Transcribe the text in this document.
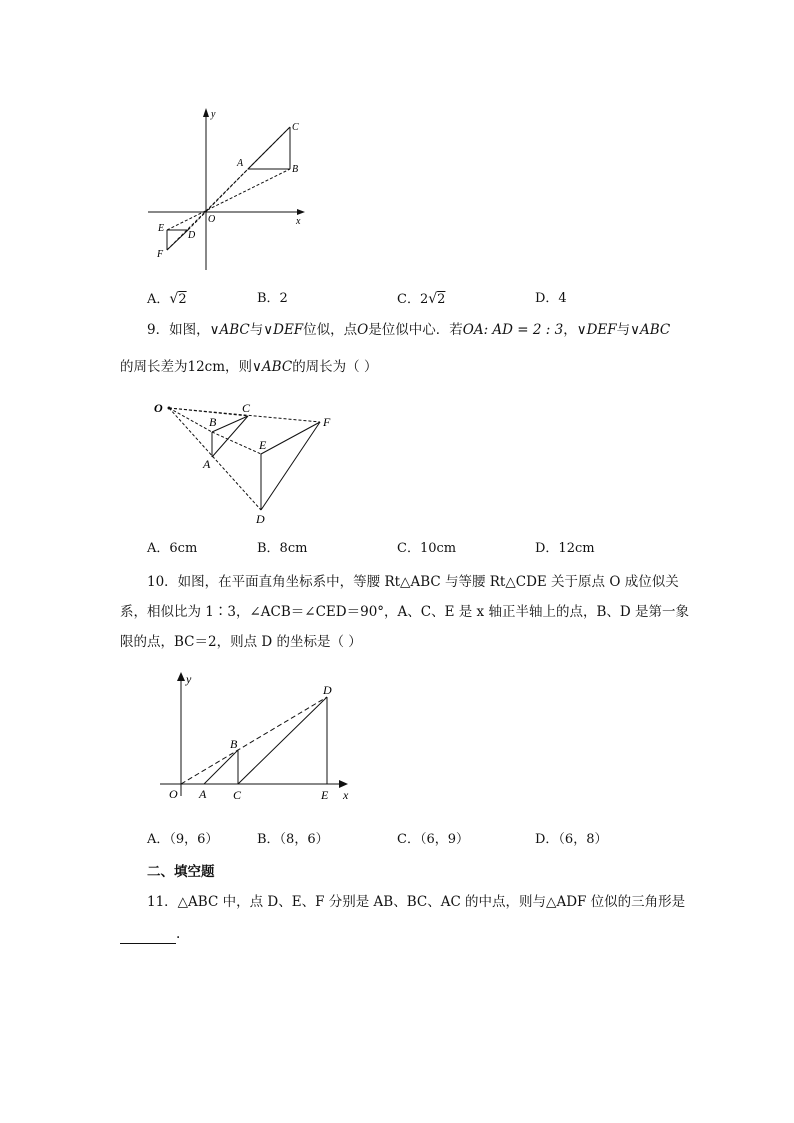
y
x
O
A
B
C
D
E
F
A．√2	B．2	C．2√2	D．4
9．如图，∨ABC与∨DEF位似，点O是位似中心．若OA: AD = 2 : 3，∨DEF与∨ABC
的周长差为12cm，则∨ABC的周长为（ ）
O
B
C
A
E
F
D
A．6cm	B．8cm	C．10cm	D．12cm
10．如图，在平面直角坐标系中，等腰 Rt△ABC 与等腰 Rt△CDE 关于原点 O 成位似关
系，相似比为 1∶3，∠ACB＝∠CED＝90°，A、C、E 是 x 轴正半轴上的点，B、D 是第一象
限的点，BC＝2，则点 D 的坐标是（ ）
y
x
O A C	E
B
D
A．（9，6）	B．（8，6）	C．（6，9）	D．（6，8）
二、填空题
11．△ABC 中，点 D、E、F 分别是 AB、BC、AC 的中点，则与△ADF 位似的三角形是
.
